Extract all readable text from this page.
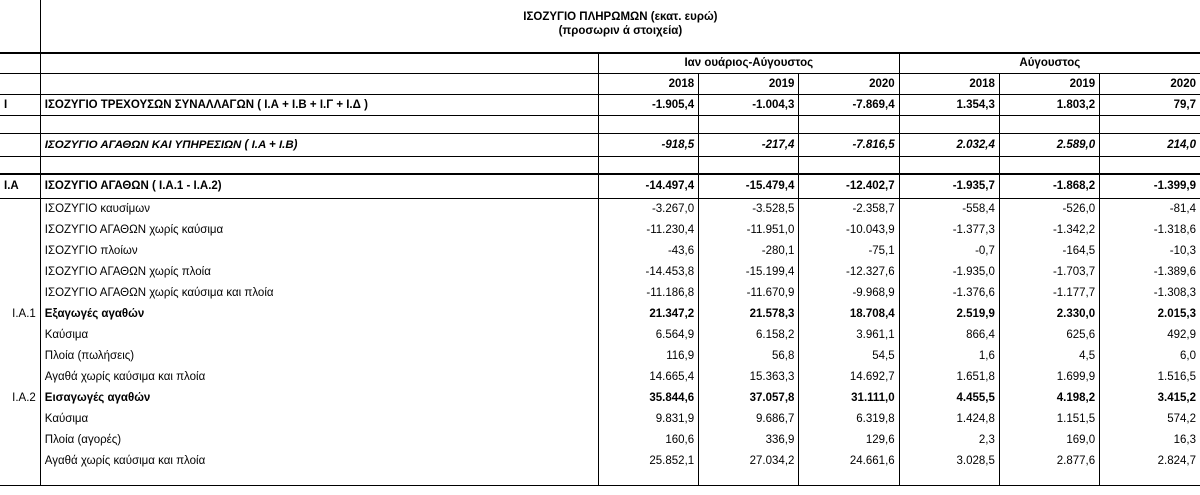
	ΙΣΟΖΥΓΙΟ ΠΛΗΡΩΜΩΝ (εκατ. ευρώ)
(προσωριν ά στοιχεία)						

		Ιαν ουάριος-Αύγουστος			Αύγουστος		
		2018	2019	2020	2018	2019	2020
I	ΙΣΟΖΥΓΙΟ ΤΡΕΧΟΥΣΩΝ ΣΥΝΑΛΛΑΓΩΝ ( Ι.Α + Ι.Β + Ι.Γ + Ι.Δ )	-1.905,4	-1.004,3	-7.869,4	1.354,3	1.803,2	79,7

	ΙΣΟΖΥΓΙΟ ΑΓΑΘΩΝ ΚΑΙ ΥΠΗΡΕΣΙΩΝ ( Ι.Α + Ι.Β)	-918,5	-217,4	-7.816,5	2.032,4	2.589,0	214,0

Ι.Α	ΙΣΟΖΥΓΙΟ ΑΓΑΘΩΝ ( Ι.Α.1 - Ι.Α.2)	-14.497,4	-15.479,4	-12.402,7	-1.935,7	-1.868,2	-1.399,9
	ΙΣΟΖΥΓΙΟ καυσίμων	-3.267,0	-3.528,5	-2.358,7	-558,4	-526,0	-81,4
	ΙΣΟΖΥΓΙΟ ΑΓΑΘΩΝ χωρίς καύσιμα	-11.230,4	-11.951,0	-10.043,9	-1.377,3	-1.342,2	-1.318,6
	ΙΣΟΖΥΓΙΟ πλοίων	-43,6	-280,1	-75,1	-0,7	-164,5	-10,3
	ΙΣΟΖΥΓΙΟ ΑΓΑΘΩΝ χωρίς πλοία	-14.453,8	-15.199,4	-12.327,6	-1.935,0	-1.703,7	-1.389,6
	ΙΣΟΖΥΓΙΟ ΑΓΑΘΩΝ χωρίς καύσιμα και πλοία	-11.186,8	-11.670,9	-9.968,9	-1.376,6	-1.177,7	-1.308,3
Ι.Α.1	Εξαγωγές αγαθών	21.347,2	21.578,3	18.708,4	2.519,9	2.330,0	2.015,3
	Καύσιμα	6.564,9	6.158,2	3.961,1	866,4	625,6	492,9
	Πλοία (πωλήσεις)	116,9	56,8	54,5	1,6	4,5	6,0
	Αγαθά χωρίς καύσιμα και πλοία	14.665,4	15.363,3	14.692,7	1.651,8	1.699,9	1.516,5
Ι.Α.2	Εισαγωγές αγαθών	35.844,6	37.057,8	31.111,0	4.455,5	4.198,2	3.415,2
	Καύσιμα	9.831,9	9.686,7	6.319,8	1.424,8	1.151,5	574,2
	Πλοία (αγορές)	160,6	336,9	129,6	2,3	169,0	16,3
	Αγαθά χωρίς καύσιμα και πλοία	25.852,1	27.034,2	24.661,6	3.028,5	2.877,6	2.824,7
